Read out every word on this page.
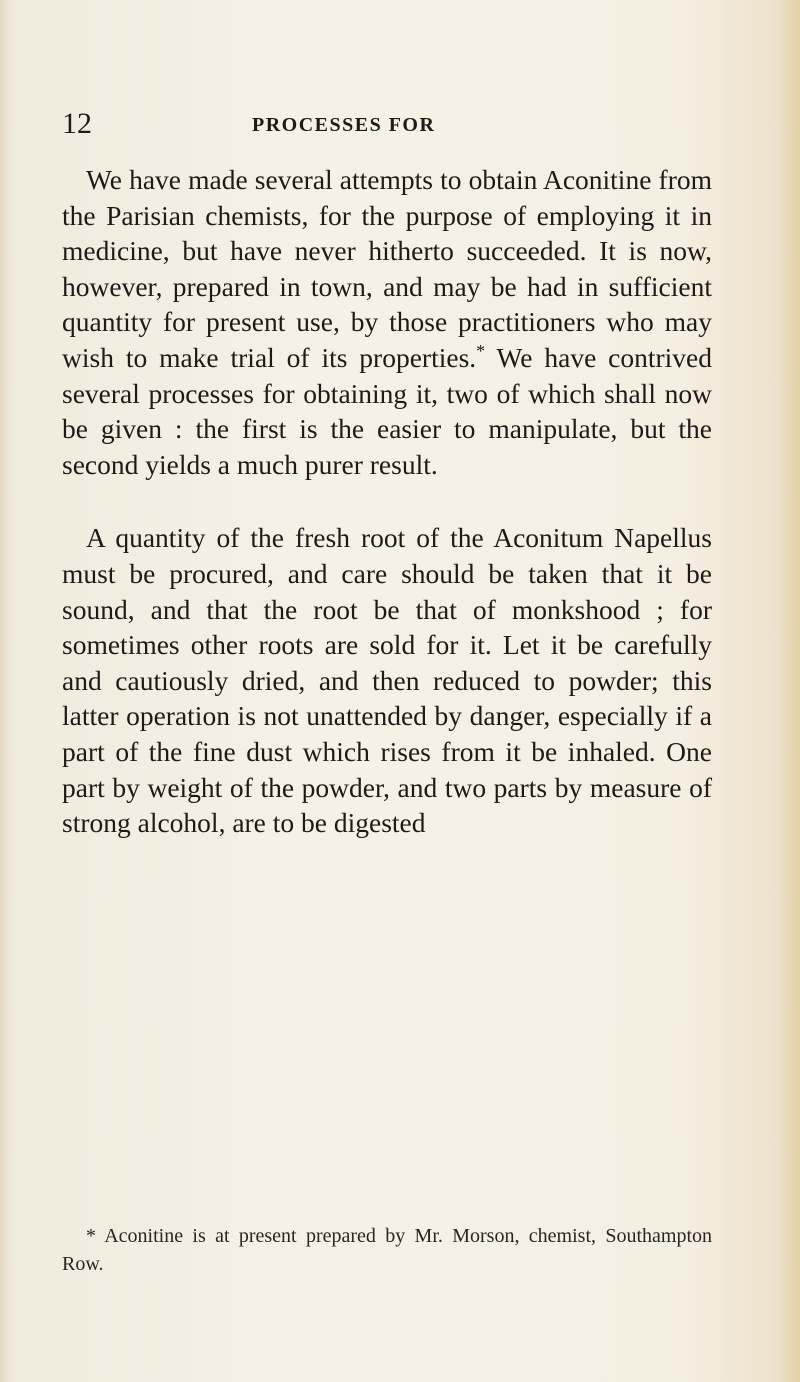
12	PROCESSES FOR

We have made several attempts to obtain Aconitine from the Parisian chemists, for the purpose of employing it in medicine, but have never hitherto succeeded. It is now, however, prepared in town, and may be had in sufficient quantity for present use, by those practitioners who may wish to make trial of its properties.* We have contrived several processes for obtaining it, two of which shall now be given : the first is the easier to manipulate, but the second yields a much purer result.

A quantity of the fresh root of the Aconitum Napellus must be procured, and care should be taken that it be sound, and that the root be that of monkshood ; for sometimes other roots are sold for it. Let it be carefully and cautiously dried, and then reduced to powder; this latter operation is not unattended by danger, especially if a part of the fine dust which rises from it be inhaled. One part by weight of the powder, and two parts by measure of strong alcohol, are to be digested

* Aconitine is at present prepared by Mr. Morson, chemist, Southampton Row.
